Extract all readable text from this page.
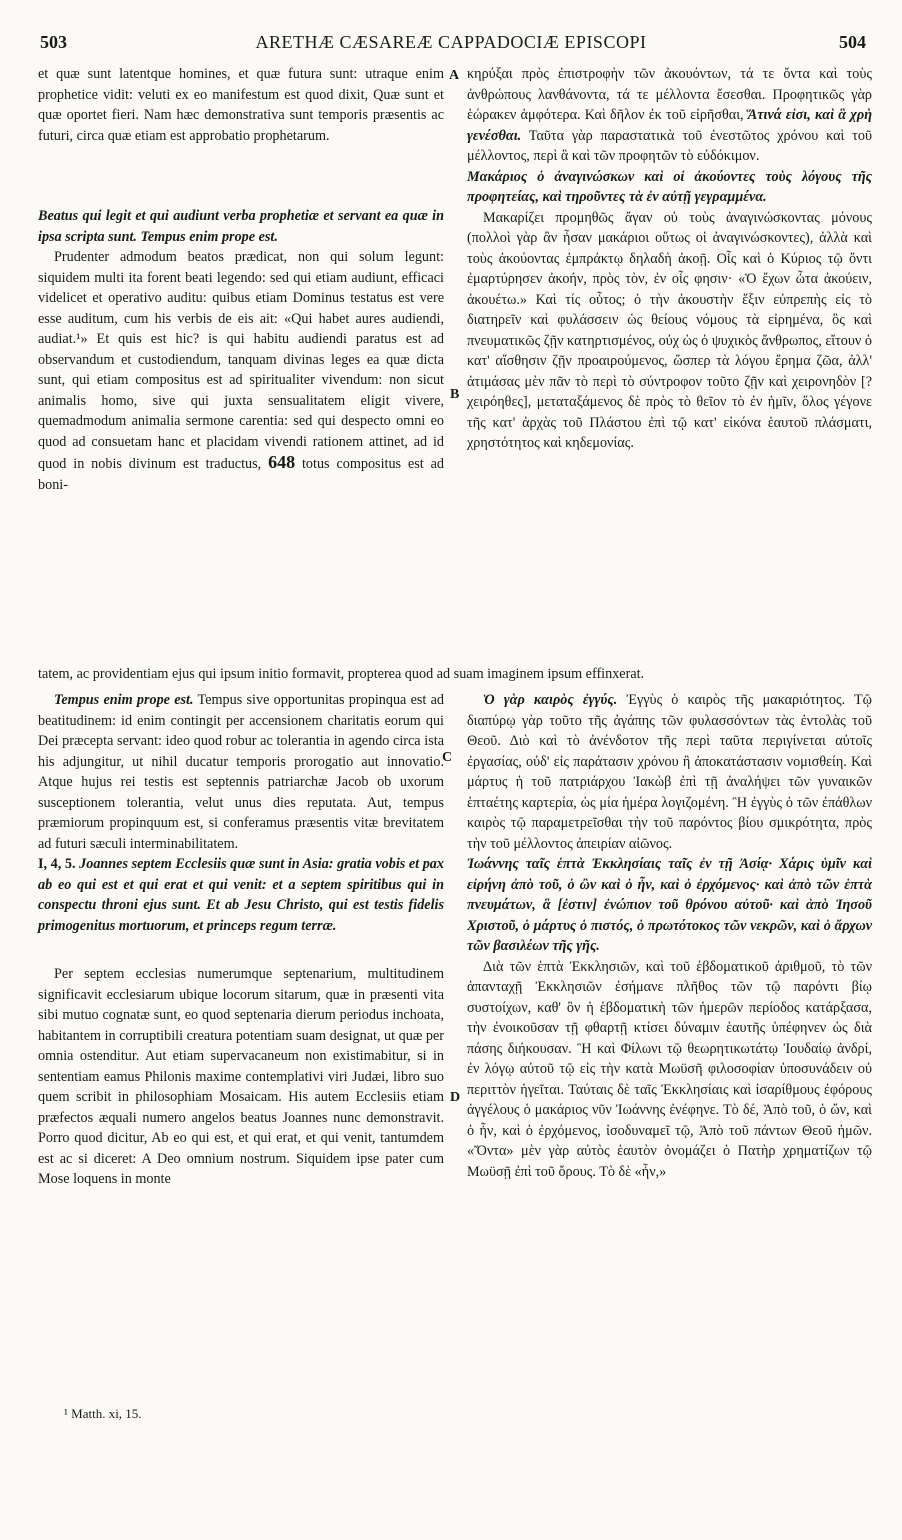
503	ARETHÆ CÆSAREÆ CAPPADOCIÆ EPISCOPI	504
A
B
C
D

et quæ sunt latentque homines, et quæ futura sunt: utraque enim prophetice vidit: veluti ex eo manifestum est quod dixit, Quæ sunt et quæ oportet fieri. Nam hæc demonstrativa sunt temporis præsentis ac futuri, circa quæ etiam est approbatio prophetarum.

Beatus qui legit et qui audiunt verba prophetiæ et servant ea quæ in ipsa scripta sunt. Tempus enim prope est.

Prudenter admodum beatos prædicat, non qui solum legunt: siquidem multi ita forent beati legendo: sed qui etiam audiunt, efficaci videlicet et operativo auditu: quibus etiam Dominus testatus est vere esse auditum, cum his verbis de eis ait: «Qui habet aures audiendi, audiat.¹» Et quis est hic? is qui habitu audiendi paratus est ad observandum et custodiendum, tanquam divinas leges ea quæ dicta sunt, qui etiam compositus est ad spiritualiter vivendum: non sicut animalis homo, sive qui juxta sensualitatem eligit vivere, quemadmodum animalia sermone carentia: sed qui despecto omni eo quod ad consuetam hanc et placidam vivendi rationem attinet, ad id quod in nobis divinum est traductus, 648 totus compositus est ad boni-

tatem, ac providentiam ejus qui ipsum initio formavit, propterea quod ad suam imaginem ipsum effinxerat.

Tempus enim prope est. Tempus sive opportunitas propinqua est ad beatitudinem: id enim contingit per accensionem charitatis eorum qui Dei præcepta servant: ideo quod robur ac tolerantia in agendo circa ista his adjungitur, ut nihil ducatur temporis prorogatio aut innovatio. Atque hujus rei testis est septennis patriarchæ Jacob ob uxorum susceptionem tolerantia, velut unus dies reputata. Aut, tempus præmiorum propinquum est, si conferamus præsentis vitæ brevitatem ad futuri sæculi interminabilitatem.

I, 4, 5. Joannes septem Ecclesiis quæ sunt in Asia: gratia vobis et pax ab eo qui est et qui erat et qui venit: et a septem spiritibus qui in conspectu throni ejus sunt. Et ab Jesu Christo, qui est testis fidelis primogenitus mortuorum, et princeps regum terræ.

Per septem ecclesias numerumque septenarium, multitudinem significavit ecclesiarum ubique locorum sitarum, quæ in præsenti vita sibi mutuo cognatæ sunt, eo quod septenaria dierum periodus inchoata, habitantem in corruptibili creatura potentiam suam designat, ut quæ per omnia ostenditur. Aut etiam supervacaneum non existimabitur, si in sententiam eamus Philonis maxime contemplativi viri Judæi, libro suo quem scribit in philosophiam Mosaicam. His autem Ecclesiis etiam præfectos æquali numero angelos beatus Joannes nunc demonstravit. Porro quod dicitur, Ab eo qui est, et qui erat, et qui venit, tantumdem est ac si diceret: A Deo omnium nostrum. Siquidem ipse pater cum Mose loquens in monte

κηρύξαι πρὸς ἐπιστροφὴν τῶν ἀκουόντων, τά τε ὄντα καὶ τοὺς ἀνθρώπους λανθάνοντα, τά τε μέλλοντα ἔσεσθαι. Προφητικῶς γὰρ ἑώρακεν ἀμφότερα. Καὶ δῆλον ἐκ τοῦ εἰρῆσθαι, Ἅτινά εἰσι, καὶ ἃ χρὴ γενέσθαι. Ταῦτα γὰρ παραστατικὰ τοῦ ἐνεστῶτος χρόνου καὶ τοῦ μέλλοντος, περὶ ἃ καὶ τῶν προφητῶν τὸ εὐδόκιμον.

Μακάριος ὁ ἀναγινώσκων καὶ οἱ ἀκούοντες τοὺς λόγους τῆς προφητείας, καὶ τηροῦντες τὰ ἐν αὐτῇ γεγραμμένα.

Μακαρίζει προμηθῶς ἄγαν οὐ τοὺς ἀναγινώσκοντας μόνους (πολλοὶ γὰρ ἂν ἦσαν μακάριοι οὕτως οἱ ἀναγινώσκοντες), ἀλλὰ καὶ τοὺς ἀκούοντας ἐμπράκτῳ δηλαδὴ ἀκοῇ. Οἷς καὶ ὁ Κύριος τῷ ὄντι ἐμαρτύρησεν ἀκοήν, πρὸς τὸν, ἐν οἷς φησιν· «Ὁ ἔχων ὦτα ἀκούειν, ἀκουέτω.» Καὶ τίς οὗτος; ὁ τὴν ἀκουστὴν ἕξιν εὐπρεπὴς εἰς τὸ διατηρεῖν καὶ φυλάσσειν ὡς θείους νόμους τὰ εἰρημένα, ὃς καὶ πνευματικῶς ζῇν κατηρτισμένος, οὐχ ὡς ὁ ψυχικὸς ἄνθρωπος, εἴτουν ὁ κατ' αἴσθησιν ζῇν προαιρούμενος, ὥσπερ τὰ λόγου ἔρημα ζῶα, ἀλλ' ἀτιμάσας μὲν πᾶν τὸ περὶ τὸ σύντροφον τοῦτο ζῇν καὶ χειρονηδὸν [? χειρόηθες], μεταταξάμενος δὲ πρὸς τὸ θεῖον τὸ ἐν ἡμῖν, ὅλος γέγονε τῆς κατ' ἀρχὰς τοῦ Πλάστου ἐπὶ τῷ κατ' εἰκόνα ἑαυτοῦ πλάσματι, χρηστότητος καὶ κηδεμονίας.

Ὁ γὰρ καιρὸς ἐγγύς. Ἐγγὺς ὁ καιρὸς τῆς μακαριότητος. Τῷ διαπύρῳ γὰρ τοῦτο τῆς ἀγάπης τῶν φυλασσόντων τὰς ἐντολὰς τοῦ Θεοῦ. Διὸ καὶ τὸ ἀνένδοτον τῆς περὶ ταῦτα περιγίνεται αὐτοῖς ἐργασίας, οὐδ' εἰς παράτασιν χρόνου ἢ ἀποκατάστασιν νομισθείη. Καὶ μάρτυς ἡ τοῦ πατριάρχου Ἰακὼβ ἐπὶ τῇ ἀναλήψει τῶν γυναικῶν ἑπταέτης καρτερία, ὡς μία ἡμέρα λογιζομένη. Ἢ ἐγγὺς ὁ τῶν ἐπάθλων καιρὸς τῷ παραμετρεῖσθαι τὴν τοῦ παρόντος βίου σμικρότητα, πρὸς τὴν τοῦ μέλλοντος ἀπειρίαν αἰῶνος.

Ἰωάννης ταῖς ἑπτὰ Ἐκκλησίαις ταῖς ἐν τῇ Ἀσίᾳ· Χάρις ὑμῖν καὶ εἰρήνη ἀπὸ τοῦ, ὁ ὢν καὶ ὁ ἦν, καὶ ὁ ἐρχόμενος· καὶ ἀπὸ τῶν ἑπτὰ πνευμάτων, ἃ [ἐστιν] ἐνώπιον τοῦ θρόνου αὐτοῦ· καὶ ἀπὸ Ἰησοῦ Χριστοῦ, ὁ μάρτυς ὁ πιστός, ὁ πρωτότοκος τῶν νεκρῶν, καὶ ὁ ἄρχων τῶν βασιλέων τῆς γῆς.

Διὰ τῶν ἑπτὰ Ἐκκλησιῶν, καὶ τοῦ ἑβδοματικοῦ ἀριθμοῦ, τὸ τῶν ἁπανταχῇ Ἐκκλησιῶν ἐσήμανε πλῆθος τῶν τῷ παρόντι βίῳ συστοίχων, καθ' ὃν ἡ ἑβδοματικὴ τῶν ἡμερῶν περίοδος κατάρξασα, τὴν ἐνοικοῦσαν τῇ φθαρτῇ κτίσει δύναμιν ἑαυτῆς ὑπέφηνεν ὡς διὰ πάσης διήκουσαν. Ἢ καὶ Φίλωνι τῷ θεωρητικωτάτῳ Ἰουδαίῳ ἀνδρί, ἐν λόγῳ αὐτοῦ τῷ εἰς τὴν κατὰ Μωϋσῆ φιλοσοφίαν ὑποσυνάδειν οὐ περιττὸν ἡγεῖται. Ταύταις δὲ ταῖς Ἐκκλησίαις καὶ ἰσαρίθμους ἐφόρους ἀγγέλους ὁ μακάριος νῦν Ἰωάννης ἐνέφηνε. Τὸ δέ, Ἀπὸ τοῦ, ὁ ὤν, καὶ ὁ ἦν, καὶ ὁ ἐρχόμενος, ἰσοδυναμεῖ τῷ, Ἀπὸ τοῦ πάντων Θεοῦ ἡμῶν. «Ὄντα» μὲν γὰρ αὐτὸς ἑαυτὸν ὀνομάζει ὁ Πατὴρ χρηματίζων τῷ Μωϋσῇ ἐπὶ τοῦ ὄρους. Τὸ δὲ «ἦν,»

¹ Matth. xi, 15.
